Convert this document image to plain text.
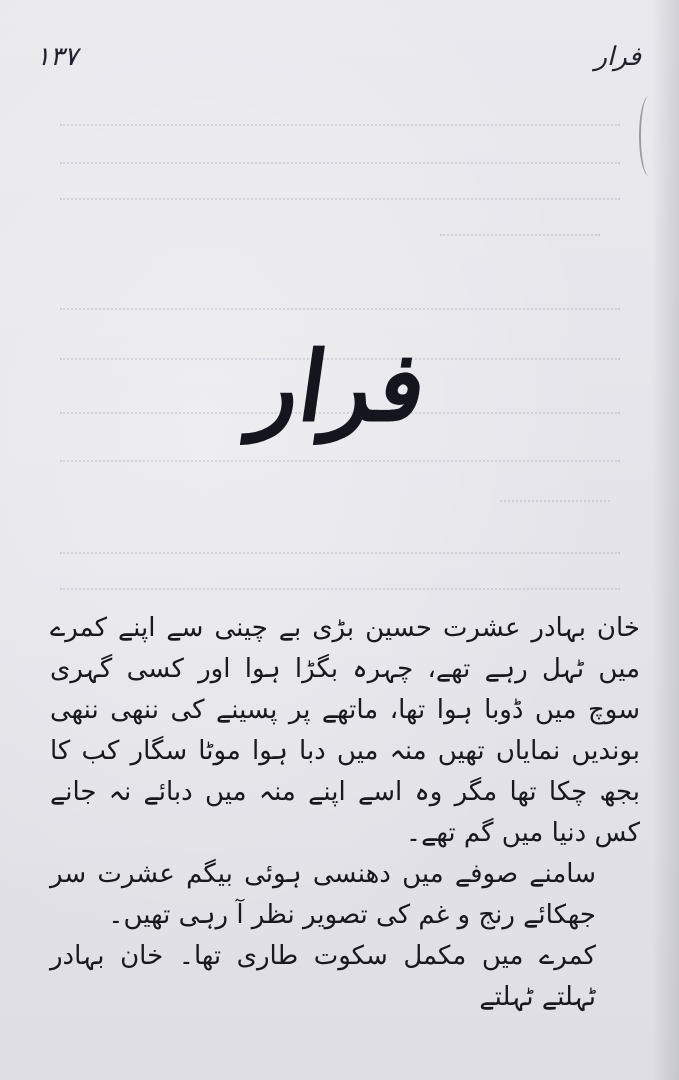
۱۳۷	فرار
فرار

خان بہادر عشرت حسین بڑی بے چینی سے اپنے کمرے میں ٹہل رہے تھے، چہرہ بگڑا ہوا اور کسی گہری سوچ میں ڈوبا ہوا تھا، ماتھے پر پسینے کی ننھی ننھی بوندیں نمایاں تھیں منہ میں دبا ہوا موٹا سگار کب کا بجھ چکا تھا مگر وہ اسے اپنے منہ میں دبائے نہ جانے کس دنیا میں گم تھے۔

سامنے صوفے میں دھنسی ہوئی بیگم عشرت سر جھکائے رنج و غم کی تصویر نظر آ رہی تھیں۔

کمرے میں مکمل سکوت طاری تھا۔ خان بہادر ٹہلتے ٹہلتے
